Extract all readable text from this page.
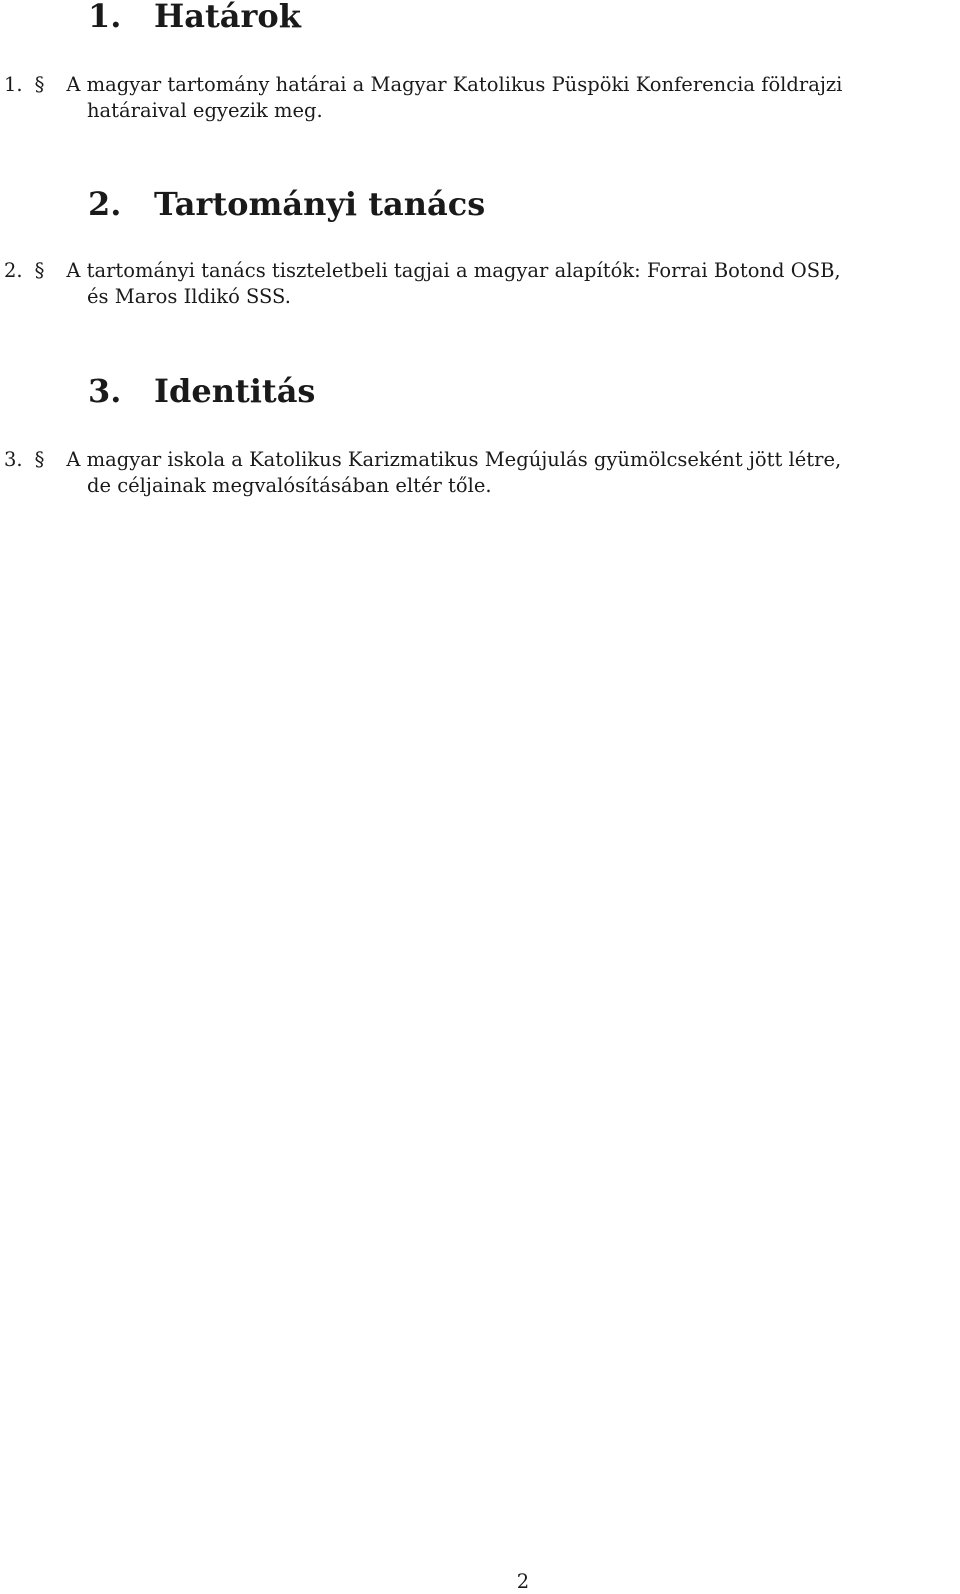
1. Határok

1. § A magyar tartomány határai a Magyar Katolikus Püspöki Konferencia földrajzi
határaival egyezik meg.

2. Tartományi tanács

2. § A tartományi tanács tiszteletbeli tagjai a magyar alapítók: Forrai Botond OSB,
és Maros Ildikó SSS.

3. Identitás

3. § A magyar iskola a Katolikus Karizmatikus Megújulás gyümölcseként jött létre,
de céljainak megvalósításában eltér tőle.

2
